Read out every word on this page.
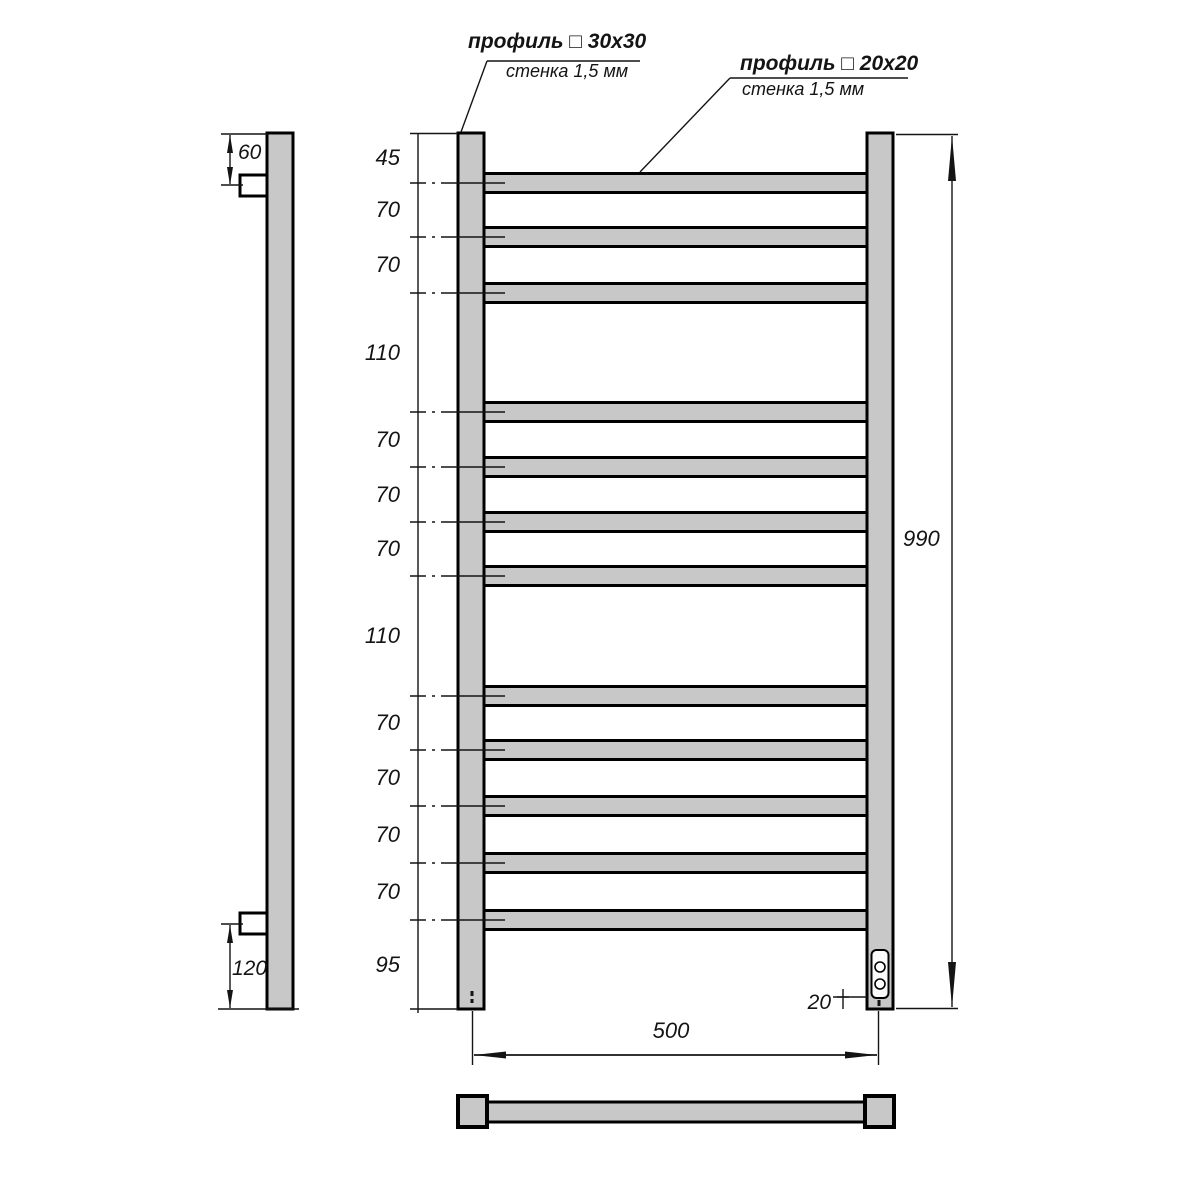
профиль □ 30x30
стенка 1,5 мм	профиль □ 20x20
стенка 1,5 мм
60
120
990
500
20
45
70
70
110
70
70
70
110
70
70
70
70
95
